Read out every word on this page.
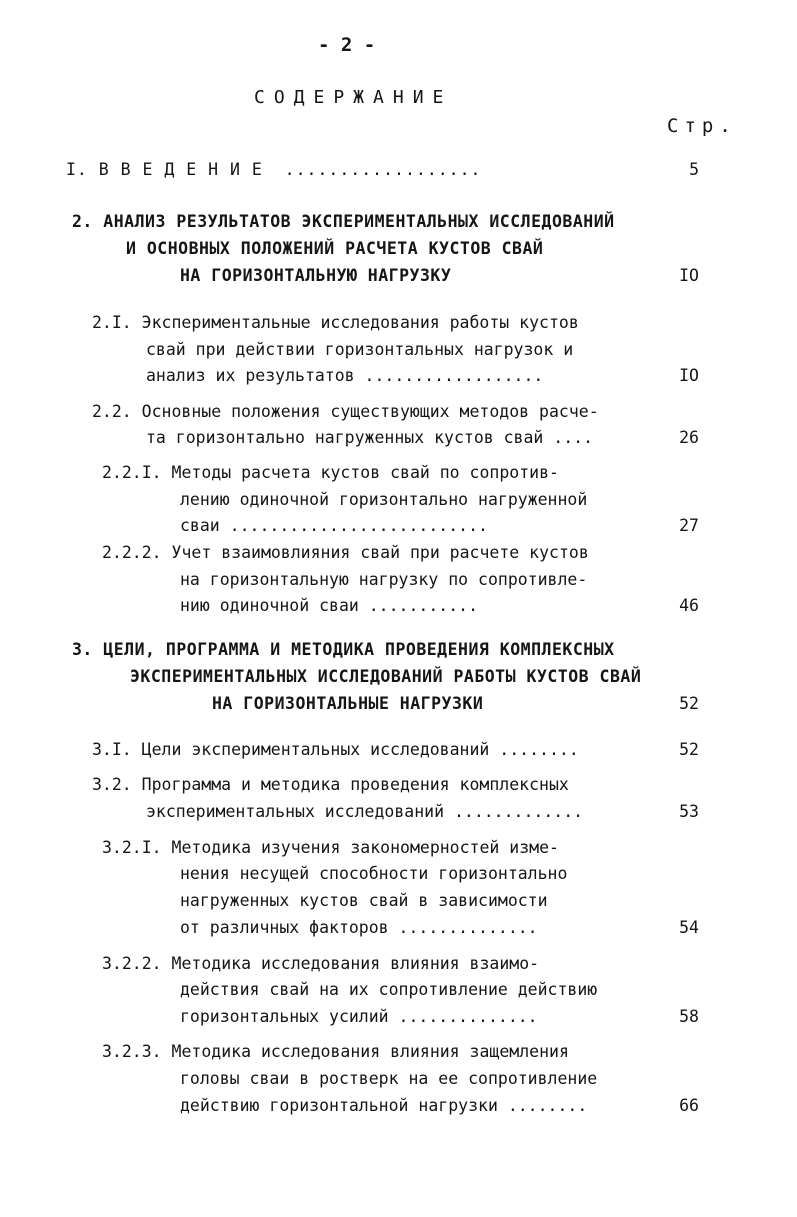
- 2 -
СОДЕРЖАНИЕ
Стр.
I. В В Е Д Е Н И Е  ..................	5
2. АНАЛИЗ РЕЗУЛЬТАТОВ ЭКСПЕРИМЕНТАЛЬНЫХ ИССЛЕДОВАНИЙ
И ОСНОВНЫХ ПОЛОЖЕНИЙ РАСЧЕТА КУСТОВ СВАЙ
НА ГОРИЗОНТАЛЬНУЮ НАГРУЗКУ	IO
2.I. Экспериментальные исследования работы кустов
свай при действии горизонтальных нагрузок и
анализ их результатов ..................	IO
2.2. Основные положения существующих методов расче-
та горизонтально нагруженных кустов свай ....	26
2.2.I. Методы расчета кустов свай по сопротив-
лению одиночной горизонтально нагруженной
сваи ..........................	27
2.2.2. Учет взаимовлияния свай при расчете кустов
на горизонтальную нагрузку по сопротивле-
нию одиночной сваи ...........	46
3. ЦЕЛИ, ПРОГРАММА И МЕТОДИКА ПРОВЕДЕНИЯ КОМПЛЕКСНЫХ
ЭКСПЕРИМЕНТАЛЬНЫХ ИССЛЕДОВАНИЙ РАБОТЫ КУСТОВ СВАЙ
НА ГОРИЗОНТАЛЬНЫЕ НАГРУЗКИ	52
3.I. Цели экспериментальных исследований ........	52
3.2. Программа и методика проведения комплексных
экспериментальных исследований .............	53
3.2.I. Методика изучения закономерностей изме-
нения несущей способности горизонтально
нагруженных кустов свай в зависимости
от различных факторов ..............	54
3.2.2. Методика исследования влияния взаимо-
действия свай на их сопротивление действию
горизонтальных усилий ..............	58
3.2.3. Методика исследования влияния защемления
головы сваи в ростверк на ее сопротивление
действию горизонтальной нагрузки ........	66
